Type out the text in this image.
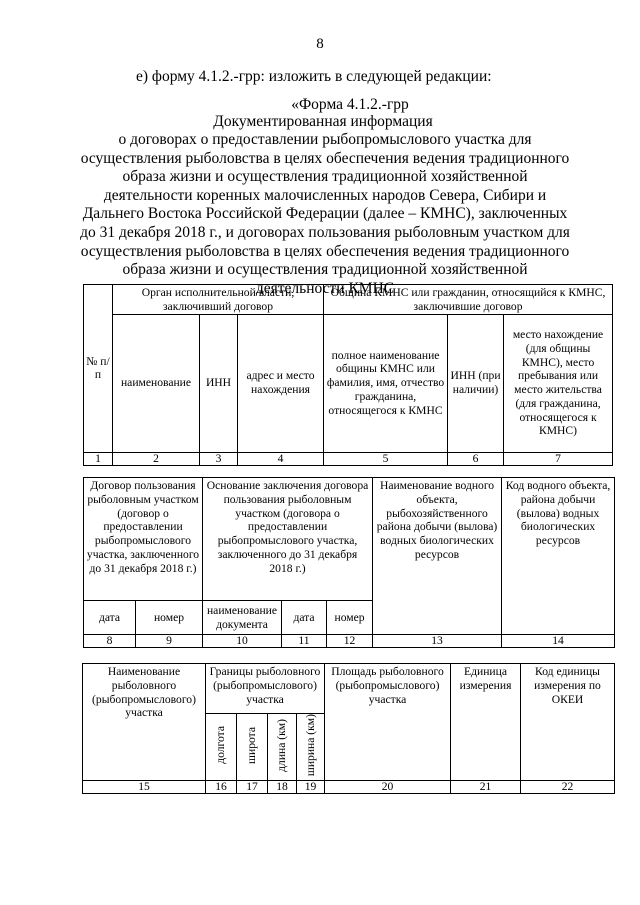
8
е) форму 4.1.2.-грр: изложить в следующей редакции:
«Форма 4.1.2.-грр
Документированная информация
о договорах о предоставлении рыбопромыслового участка для осуществления рыболовства в целях обеспечения ведения традиционного образа жизни и осуществления традиционной хозяйственной деятельности коренных малочисленных народов Севера, Сибири и Дальнего Востока Российской Федерации (далее – КМНС), заключенных до 31 декабря 2018 г., и договорах пользования рыболовным участком для осуществления рыболовства в целях обеспечения ведения традиционного образа жизни и осуществления традиционной хозяйственной деятельности КМНС
№ п/п	Орган исполнительной власти, заключивший договор			Община КМНС или гражданин, относящийся к КМНС, заключившие договор		
	наименование	ИНН	адрес и место нахождения	полное наименование общины КМНС или фамилия, имя, отчество гражданина, относящегося к КМНС	ИНН (при наличии)	место нахождение (для общины КМНС), место пребывания или место жительства (для гражданина, относящегося к КМНС)
1	2	3	4	5	6	7
Договор пользования рыболовным участком (договор о предоставлении рыбопромыслового участка, заключенного до 31 декабря 2018 г.)		Основание заключения договора пользования рыболовным участком (договора о предоставлении рыбопромыслового участка, заключенного до 31 декабря 2018 г.)			Наименование водного объекта, рыбохозяйственного района добычи (вылова) водных биологических ресурсов	Код водного объекта, района добычи (вылова) водных биологических ресурсов
дата	номер	наименование документа	дата	номер		
8	9	10	11	12	13	14
Наименование рыболовного (рыбопромыслового) участка	Границы рыболовного (рыбопромыслового) участка				Площадь рыболовного (рыбопромыслового) участка	Единица измерения	Код единицы измерения по ОКЕИ
	долгота	широта	длина (км)	ширина (км)			
15	16	17	18	19	20	21	22
